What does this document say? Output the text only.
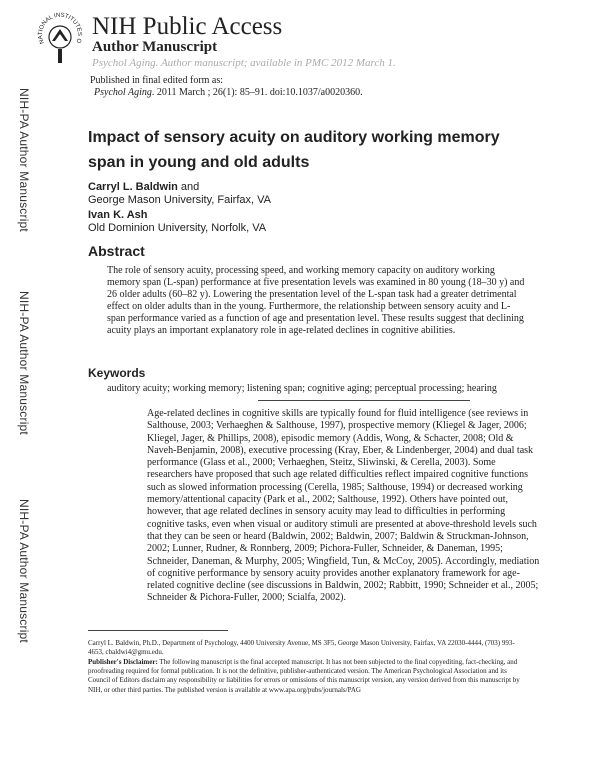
NATIONAL INSTITUTES O
NIH Public Access
Author Manuscript
Psychol Aging. Author manuscript; available in PMC 2012 March 1.
Published in final edited form as:
Psychol Aging. 2011 March ; 26(1): 85–91. doi:10.1037/a0020360.
NIH-PA Author Manuscript
NIH-PA Author Manuscript
NIH-PA Author Manuscript
Impact of sensory acuity on auditory working memory span in young and old adults
Carryl L. Baldwin and
George Mason University, Fairfax, VA
Ivan K. Ash
Old Dominion University, Norfolk, VA
Abstract
The role of sensory acuity, processing speed, and working memory capacity on auditory working memory span (L-span) performance at five presentation levels was examined in 80 young (18–30 y) and 26 older adults (60–82 y). Lowering the presentation level of the L-span task had a greater detrimental effect on older adults than in the young. Furthermore, the relationship between sensory acuity and L-span performance varied as a function of age and presentation level. These results suggest that declining acuity plays an important explanatory role in age-related declines in cognitive abilities.
Keywords
auditory acuity; working memory; listening span; cognitive aging; perceptual processing; hearing
Age-related declines in cognitive skills are typically found for fluid intelligence (see reviews in Salthouse, 2003; Verhaeghen & Salthouse, 1997), prospective memory (Kliegel & Jager, 2006; Kliegel, Jager, & Phillips, 2008), episodic memory (Addis, Wong, & Schacter, 2008; Old & Naveh-Benjamin, 2008), executive processing (Kray, Eber, & Lindenberger, 2004) and dual task performance (Glass et al., 2000; Verhaeghen, Steitz, Sliwinski, & Cerella, 2003). Some researchers have proposed that such age related difficulties reflect impaired cognitive functions such as slowed information processing (Cerella, 1985; Salthouse, 1994) or decreased working memory/attentional capacity (Park et al., 2002; Salthouse, 1992). Others have pointed out, however, that age related declines in sensory acuity may lead to difficulties in performing cognitive tasks, even when visual or auditory stimuli are presented at above-threshold levels such that they can be seen or heard (Baldwin, 2002; Baldwin, 2007; Baldwin & Struckman-Johnson, 2002; Lunner, Rudner, & Ronnberg, 2009; Pichora-Fuller, Schneider, & Daneman, 1995; Schneider, Daneman, & Murphy, 2005; Wingfield, Tun, & McCoy, 2005). Accordingly, mediation of cognitive performance by sensory acuity provides another explanatory framework for age-related cognitive decline (see discussions in Baldwin, 2002; Rabbitt, 1990; Schneider et al., 2005; Schneider & Pichora-Fuller, 2000; Scialfa, 2002).
Carryl L. Baldwin, Ph.D., Department of Psychology, 4400 University Avenue, MS 3F5, George Mason University, Fairfax, VA 22030-4444, (703) 993-4653, cbaldwi4@gmu.edu.
Publisher's Disclaimer: The following manuscript is the final accepted manuscript. It has not been subjected to the final copyediting, fact-checking, and proofreading required for formal publication. It is not the definitive, publisher-authenticated version. The American Psychological Association and its Council of Editors disclaim any responsibility or liabilities for errors or omissions of this manuscript version, any version derived from this manuscript by NIH, or other third parties. The published version is available at www.apa.org/pubs/journals/PAG
